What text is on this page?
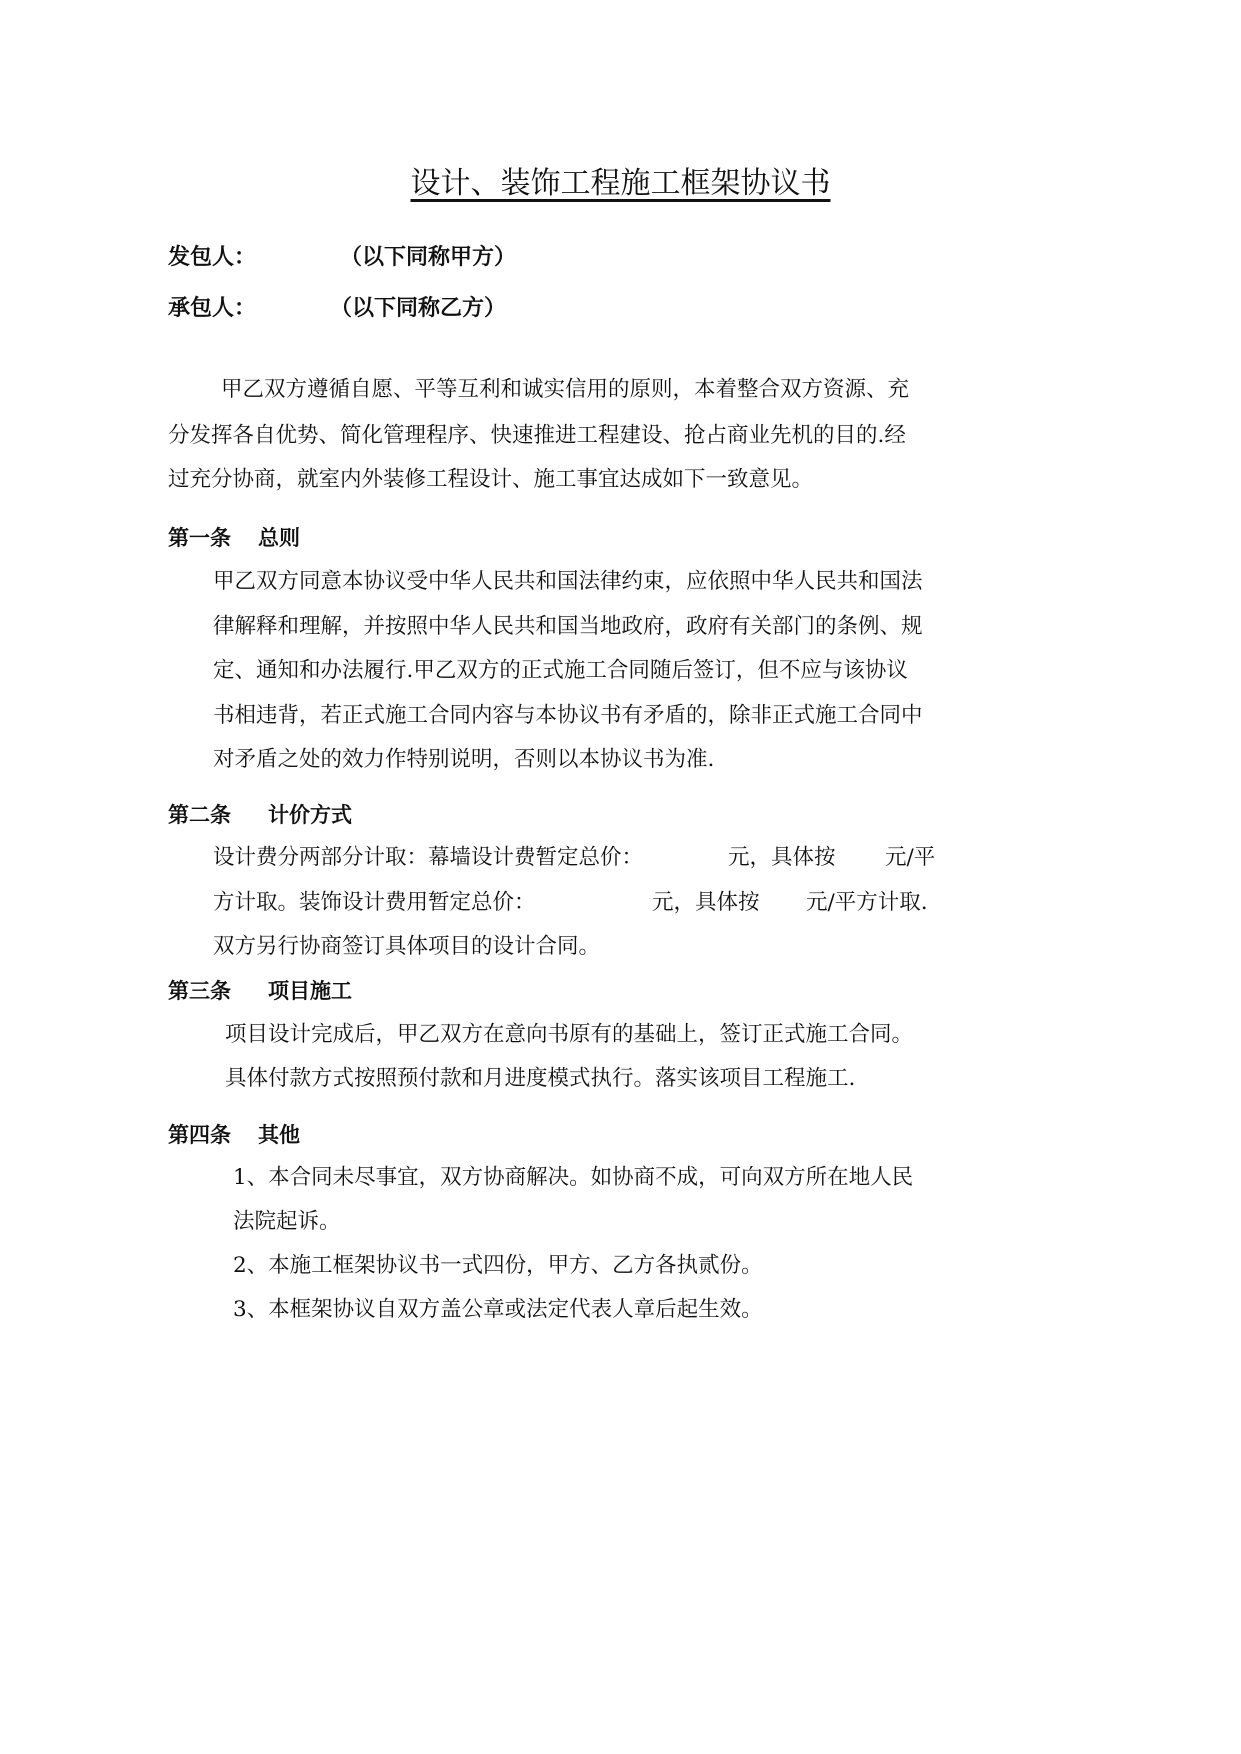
设计、装饰工程施工框架协议书
发包人：	（以下同称甲方）
承包人：	（以下同称乙方）
甲乙双方遵循自愿、平等互利和诚实信用的原则，本着整合双方资源、充
分发挥各自优势、简化管理程序、快速推进工程建设、抢占商业先机的目的.经
过充分协商，就室内外装修工程设计、施工事宜达成如下一致意见。
第一条 总则
甲乙双方同意本协议受中华人民共和国法律约束，应依照中华人民共和国法
律解释和理解，并按照中华人民共和国当地政府，政府有关部门的条例、规
定、通知和办法履行.甲乙双方的正式施工合同随后签订，但不应与该协议
书相违背，若正式施工合同内容与本协议书有矛盾的，除非正式施工合同中
对矛盾之处的效力作特别说明，否则以本协议书为准.
第二条 计价方式
设计费分两部分计取：幕墙设计费暂定总价：	元，具体按 元/平
方计取。装饰设计费用暂定总价：	元，具体按 元/平方计取.
双方另行协商签订具体项目的设计合同。
第三条 项目施工
项目设计完成后，甲乙双方在意向书原有的基础上，签订正式施工合同。
具体付款方式按照预付款和月进度模式执行。落实该项目工程施工.
第四条 其他
1、本合同未尽事宜，双方协商解决。如协商不成，可向双方所在地人民
法院起诉。
2、本施工框架协议书一式四份，甲方、乙方各执贰份。
3、本框架协议自双方盖公章或法定代表人章后起生效。
